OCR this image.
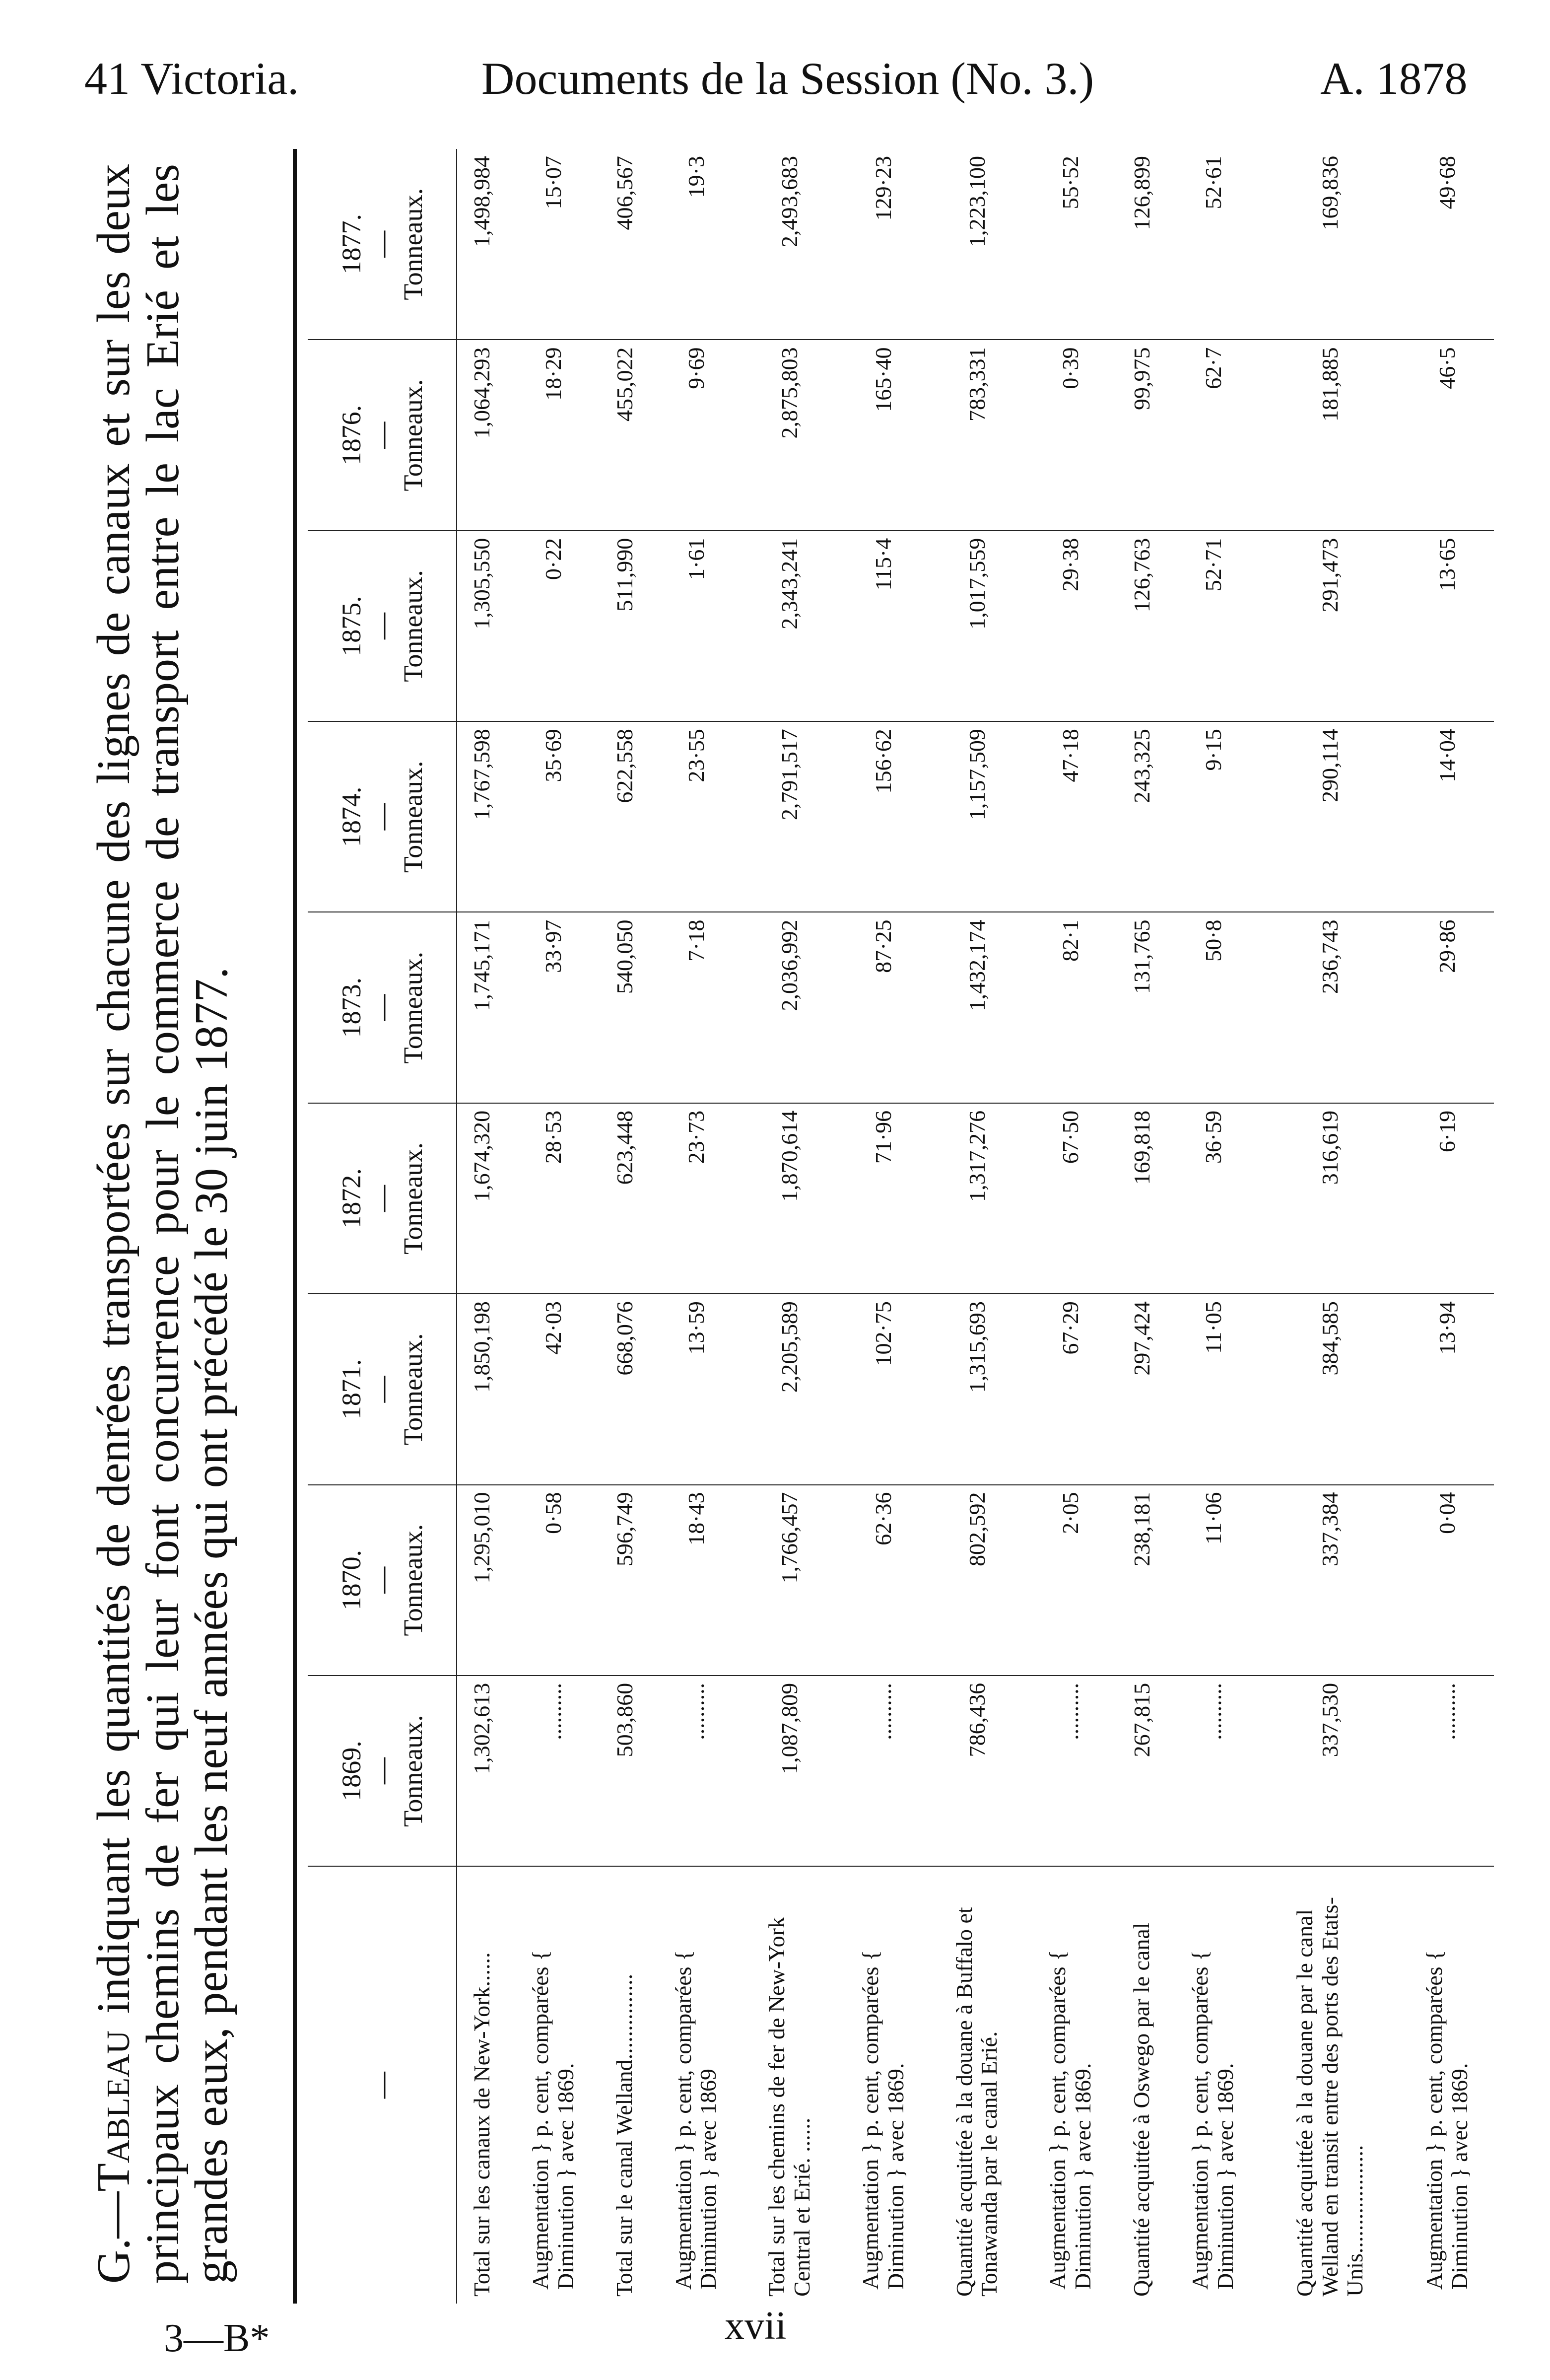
41 Victoria.	Documents de la Session (No. 3.)	A. 1878
G.—Tableau indiquant les quantités de denrées transportées sur chacune des lignes de canaux et sur les deux principaux chemins de fer qui leur font concurrence pour le commerce de transport entre le lac Erié et les grandes eaux, pendant les neuf années qui ont précédé le 30 juin 1877.	—	1869. — Tonneaux.	1870. — Tonneaux.	1871. — Tonneaux.	1872. — Tonneaux.	1873. — Tonneaux.	1874. — Tonneaux.	1875. — Tonneaux.	1876. — Tonneaux.	1877. — Tonneaux.

Total sur les canaux de New-York......	1,302,613	1,295,010	1,850,198	1,674,320	1,745,171	1,767,598	1,305,550	1,064,293	1,498,984
Augmentation } p. cent, comparées { Diminution } avec 1869.	..........	0·58	42·03	28·53	33·97	35·69	0·22	18·29	15·07
Total sur le canal Welland...............	503,860	596,749	668,076	623,448	540,050	622,558	511,990	455,022	406,567
Augmentation } p. cent, comparées { Diminution } avec 1869	..........	18·43	13·59	23·73	7·18	23·55	1·61	9·69	19·3
Total sur les chemins de fer de New-York Central et Erié. ......	1,087,809	1,766,457	2,205,589	1,870,614	2,036,992	2,791,517	2,343,241	2,875,803	2,493,683
Augmentation } p. cent, comparées { Diminution } avec 1869.	..........	62·36	102·75	71·96	87·25	156·62	115·4	165·40	129·23
Quantité acquittée à la douane à Buffalo et Tonawanda par le canal Erié.	786,436	802,592	1,315,693	1,317,276	1,432,174	1,157,509	1,017,559	783,331	1,223,100
Augmentation } p. cent, comparées { Diminution } avec 1869.	..........	2·05	67·29	67·50	82·1	47·18	29·38	0·39	55·52
Quantité acquittée à Oswego par le canal	267,815	238,181	297,424	169,818	131,765	243,325	126,763	99,975	126,899
Augmentation } p. cent, comparées { Diminution } avec 1869.	..........	11·06	11·05	36·59	50·8	9·15	52·71	62·7	52·61
Quantité acquittée à la douane par le canal Welland en transit entre des ports des Etats-Unis...................	337,530	337,384	384,585	316,619	236,743	290,114	291,473	181,885	169,836
Augmentation } p. cent, comparées { Diminution } avec 1869.	..........	0·04	13·94	6·19	29·86	14·04	13·65	46·5	49·68
3—B*	xvii
